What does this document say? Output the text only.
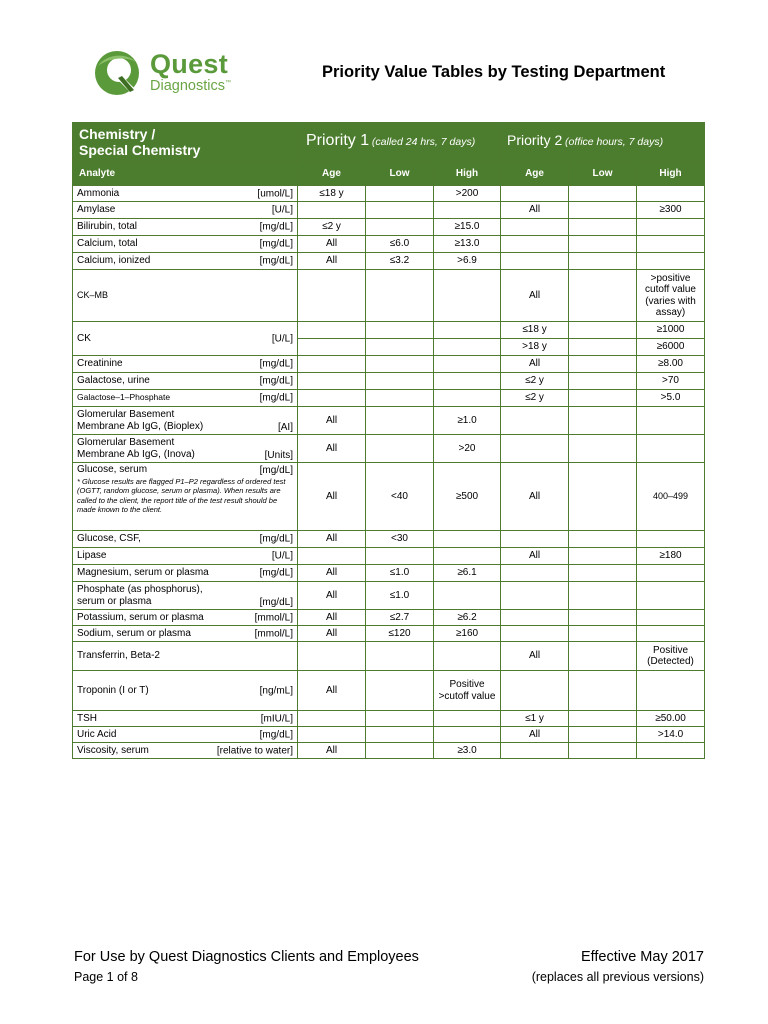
Quest
Diagnostics™
Priority Value Tables by Testing Department
Chemistry /
Special Chemistry	Priority 1 (called 24 hrs, 7 days)			Priority 2 (office hours, 7 days)		
Analyte	Age	Low	High	Age	Low	High
Ammonia [umol/L]	≤18 y		>200			
Amylase [U/L]				All		≥300
Bilirubin, total [mg/dL]	≤2 y		≥15.0			
Calcium, total [mg/dL]	All	≤6.0	≥13.0			
Calcium, ionized [mg/dL]	All	≤3.2	>6.9			
CK–MB				All		>positive cutoff value (varies with assay)
CK [U/L]				≤18 y		≥1000
				>18 y		≥6000
Creatinine [mg/dL]				All		≥8.00
Galactose, urine [mg/dL]				≤2 y		>70
Galactose–1–Phosphate [mg/dL]				≤2 y		>5.0
Glomerular Basement
Membrane Ab IgG, (Bioplex) [AI]	All		≥1.0			
Glomerular Basement
Membrane Ab IgG, (Inova) [Units]	All		>20			
Glucose, serum [mg/dL]
* Glucose results are flagged P1–P2 regardless of ordered test (OGTT, random glucose, serum or plasma). When results are called to the client, the report title of the test result should be made known to the client.	All	<40	≥500	All		400–499
Glucose, CSF, [mg/dL]	All	<30				
Lipase [U/L]				All		≥180
Magnesium, serum or plasma [mg/dL]	All	≤1.0	≥6.1			
Phosphate (as phosphorus),
serum or plasma [mg/dL]	All	≤1.0				
Potassium, serum or plasma [mmol/L]	All	≤2.7	≥6.2			
Sodium, serum or plasma [mmol/L]	All	≤120	≥160			
Transferrin, Beta-2				All		Positive (Detected)
Troponin (I or T) [ng/mL]	All		Positive >cutoff value			
TSH [mIU/L]				≤1 y		≥50.00
Uric Acid [mg/dL]				All		>14.0
Viscosity, serum [relative to water]	All		≥3.0			
For Use by Quest Diagnostics Clients and Employees
Page 1 of 8
Effective May 2017
(replaces all previous versions)
